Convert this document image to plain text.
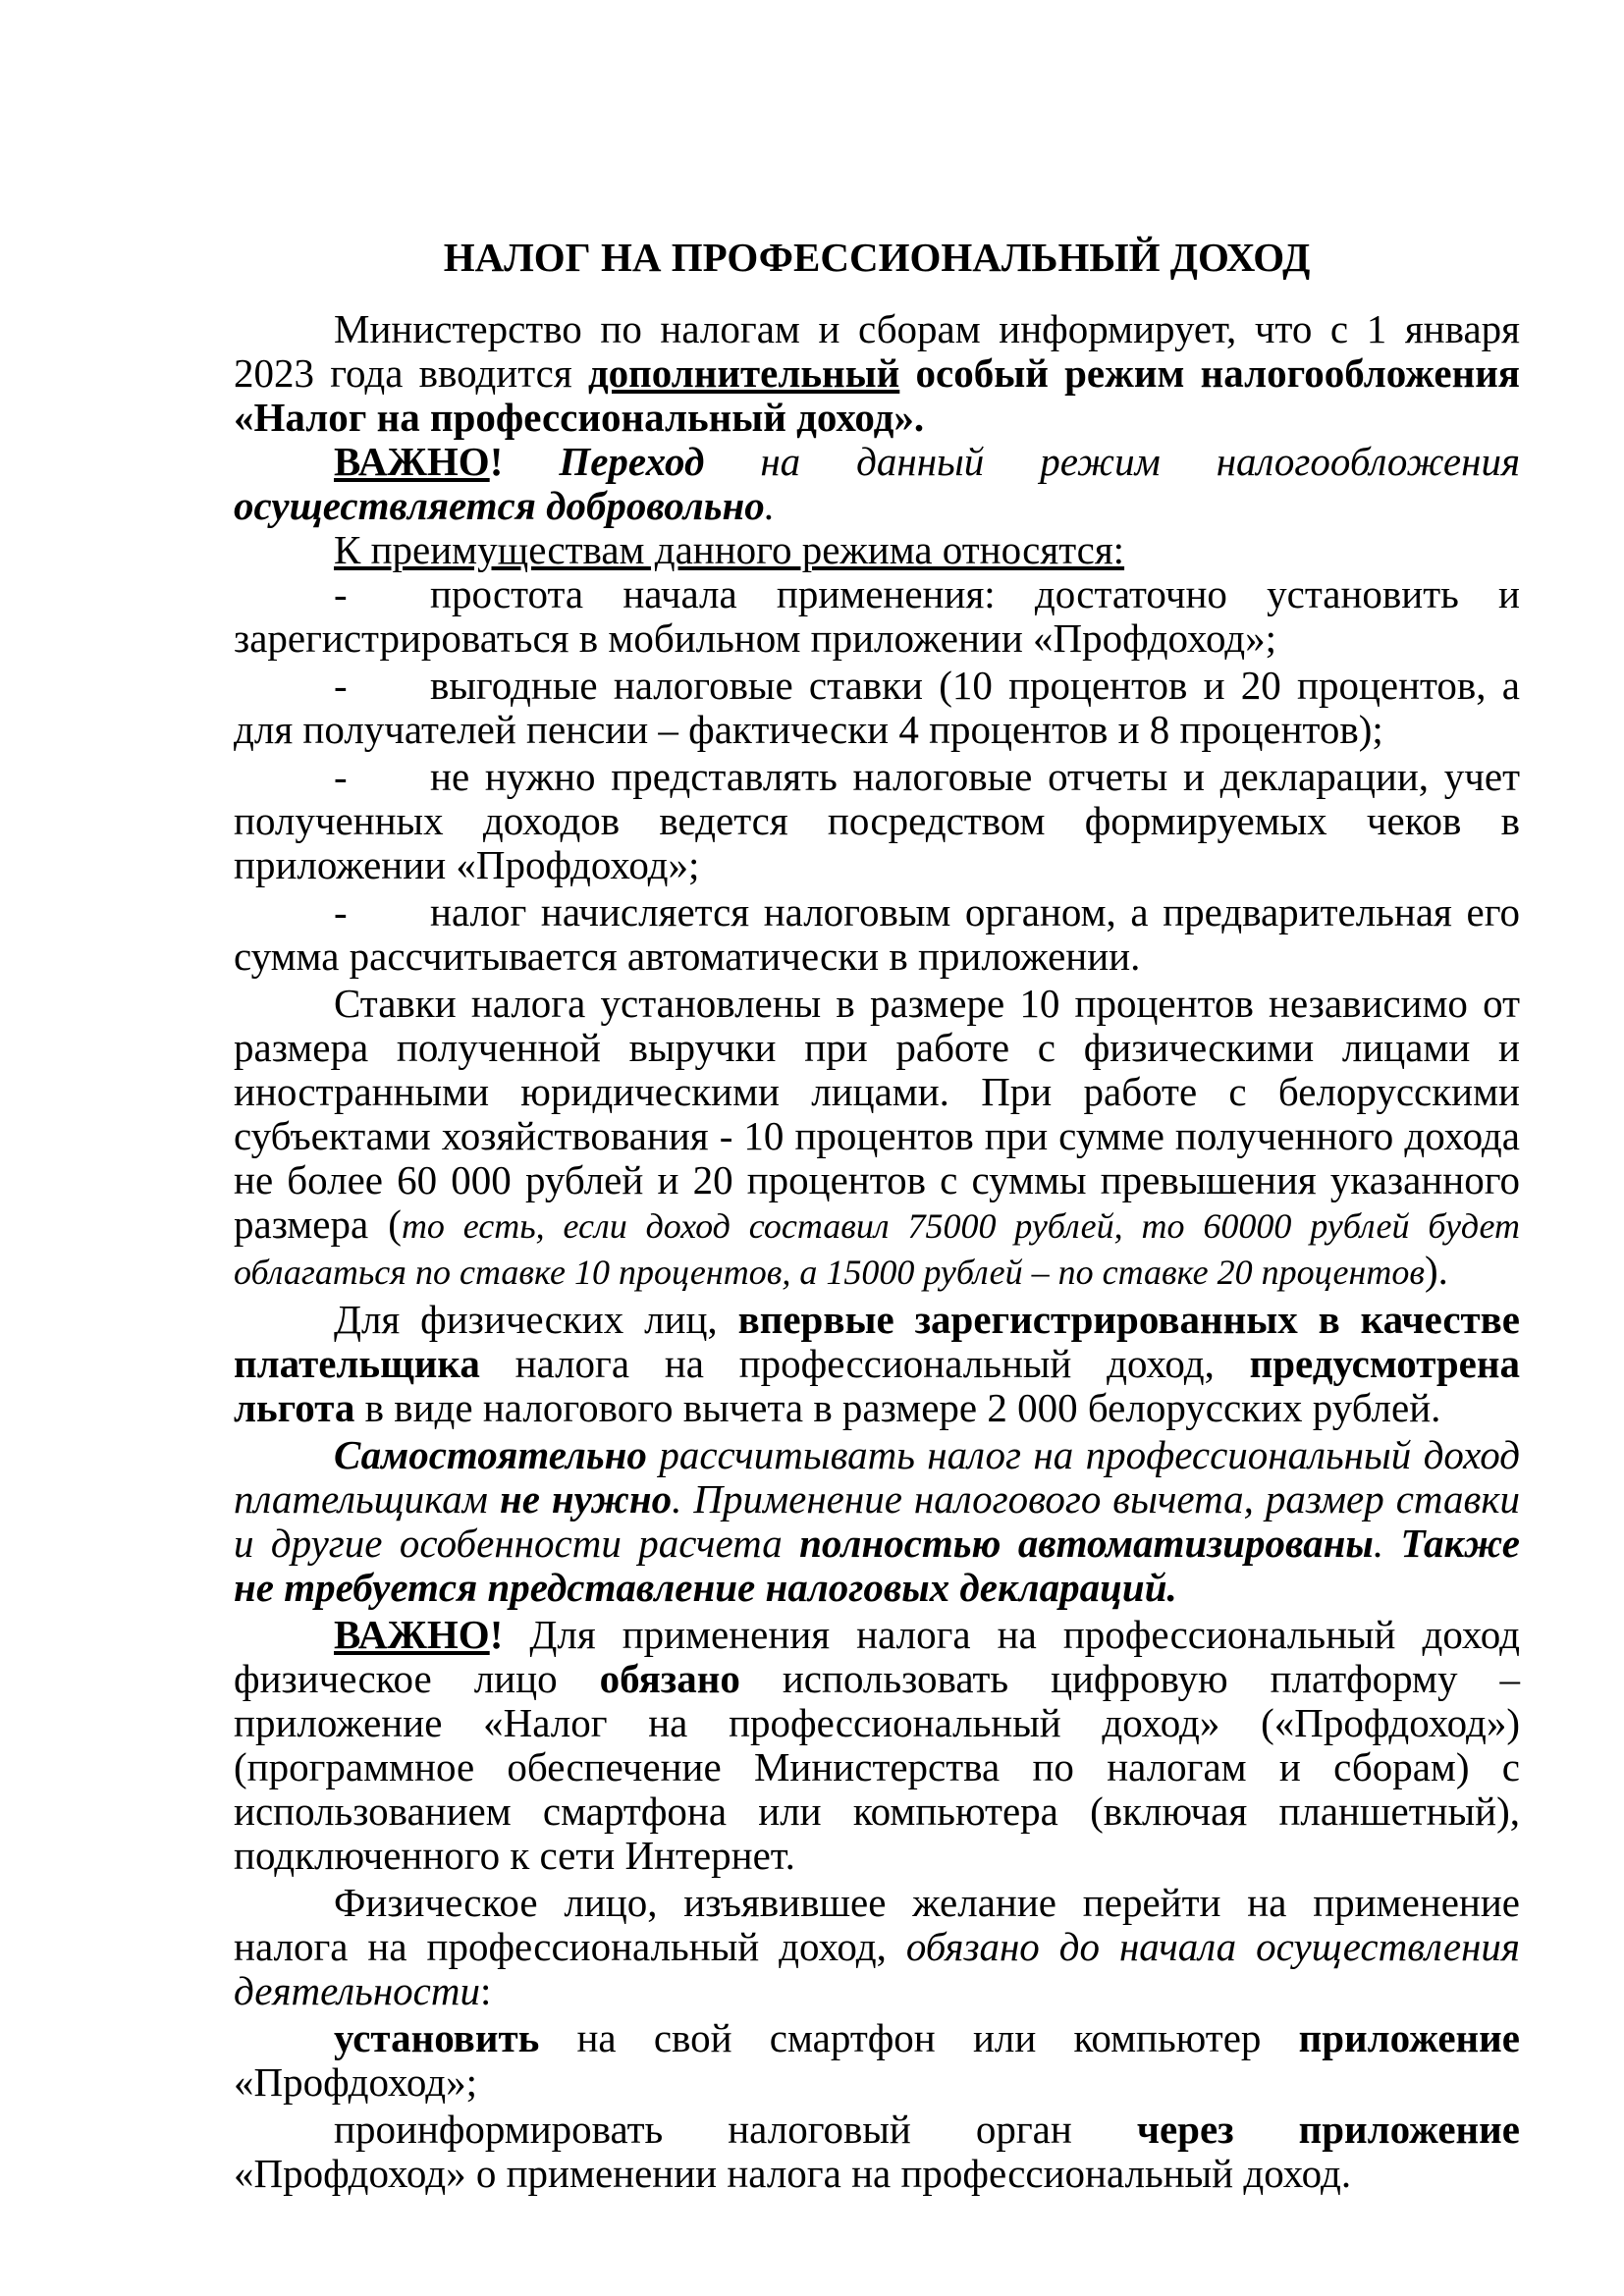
НАЛОГ НА ПРОФЕССИОНАЛЬНЫЙ ДОХОД

Министерство по налогам и сборам информирует, что с 1 января 2023 года вводится дополнительный особый режим налогообложения «Налог на профессиональный доход».

ВАЖНО! Переход на данный режим налогообложения осуществляется добровольно.

К преимуществам данного режима относятся:

- простота начала применения: достаточно установить и зарегистрироваться в мобильном приложении «Профдоход»;

- выгодные налоговые ставки (10 процентов и 20 процентов, а для получателей пенсии – фактически 4 процентов и 8 процентов);

- не нужно представлять налоговые отчеты и декларации, учет полученных доходов ведется посредством формируемых чеков в приложении «Профдоход»;

- налог начисляется налоговым органом, а предварительная его сумма рассчитывается автоматически в приложении.

Ставки налога установлены в размере 10 процентов независимо от размера полученной выручки при работе с физическими лицами и иностранными юридическими лицами. При работе с белорусскими субъектами хозяйствования - 10 процентов при сумме полученного дохода не более 60 000 рублей и 20 процентов с суммы превышения указанного размера (то есть, если доход составил 75000 рублей, то 60000 рублей будет облагаться по ставке 10 процентов, а 15000 рублей – по ставке 20 процентов).

Для физических лиц, впервые зарегистрированных в качестве плательщика налога на профессиональный доход, предусмотрена льгота в виде налогового вычета в размере 2 000 белорусских рублей.

Самостоятельно рассчитывать налог на профессиональный доход плательщикам не нужно. Применение налогового вычета, размер ставки и другие особенности расчета полностью автоматизированы. Также не требуется представление налоговых деклараций.

ВАЖНО! Для применения налога на профессиональный доход физическое лицо обязано использовать цифровую платформу – приложение «Налог на профессиональный доход» («Профдоход») (программное обеспечение Министерства по налогам и сборам) с использованием смартфона или компьютера (включая планшетный), подключенного к сети Интернет.

Физическое лицо, изъявившее желание перейти на применение налога на профессиональный доход, обязано до начала осуществления деятельности:

установить на свой смартфон или компьютер приложение «Профдоход»;

проинформировать налоговый орган через приложение «Профдоход» о применении налога на профессиональный доход.
